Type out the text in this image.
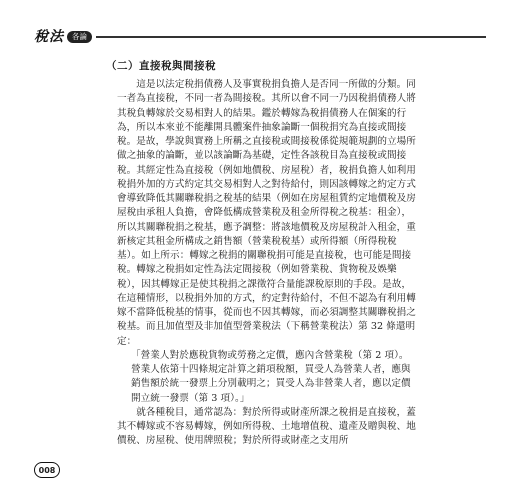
稅法	各論
（二）直接稅與間接稅

這是以法定稅捐債務人及事實稅捐負擔人是否同一所做的分類。同一者為直接稅，不同一者為間接稅。其所以會不同一乃因稅捐債務人將其稅負轉嫁於交易相對人的結果。鑑於轉嫁為稅捐債務人在個案的行為，所以本來並不能離開具體案件抽象論斷一個稅捐究為直接或間接稅。是故，學說與實務上所稱之直接稅或間接稅係從規範規劃的立場所做之抽象的論斷，並以該論斷為基礎，定性各該稅目為直接稅或間接稅。其經定性為直接稅（例如地價稅、房屋稅）者，稅捐負擔人如利用稅捐外加的方式約定其交易相對人之對待給付，則因該轉嫁之約定方式會導致降低其關聯稅捐之稅基的結果（例如在房屋租賃約定地價稅及房屋稅由承租人負擔，會降低構成營業稅及租金所得稅之稅基：租金），所以其關聯稅捐之稅基，應予調整：將該地價稅及房屋稅計入租金，重新核定其租金所構成之銷售額（營業稅稅基）或所得額（所得稅稅基）。如上所示：轉嫁之稅捐的關聯稅捐可能是直接稅，也可能是間接稅。轉嫁之稅捐如定性為法定間接稅（例如營業稅、貨物稅及娛樂稅），因其轉嫁正是使其稅捐之課徵符合量能課稅原則的手段。是故，在這種情形，以稅捐外加的方式，約定對待給付，不但不認為有利用轉嫁不當降低稅基的情事，從而也不因其轉嫁，而必須調整其關聯稅捐之稅基。而且加值型及非加值型營業稅法（下稱營業稅法）第 32 條還明定：

「營業人對於應稅貨物或勞務之定價，應內含營業稅（第 2 項）。營業人依第十四條規定計算之銷項稅額，買受人為營業人者，應與銷售額於統一發票上分別載明之；買受人為非營業人者，應以定價開立統一發票（第 3 項）。」

就各種稅目，通常認為：對於所得或財產所課之稅捐是直接稅，蓋其不轉嫁或不容易轉嫁，例如所得稅、土地增值稅、遺產及贈與稅、地價稅、房屋稅、使用牌照稅；對於所得或財產之支用所

008
